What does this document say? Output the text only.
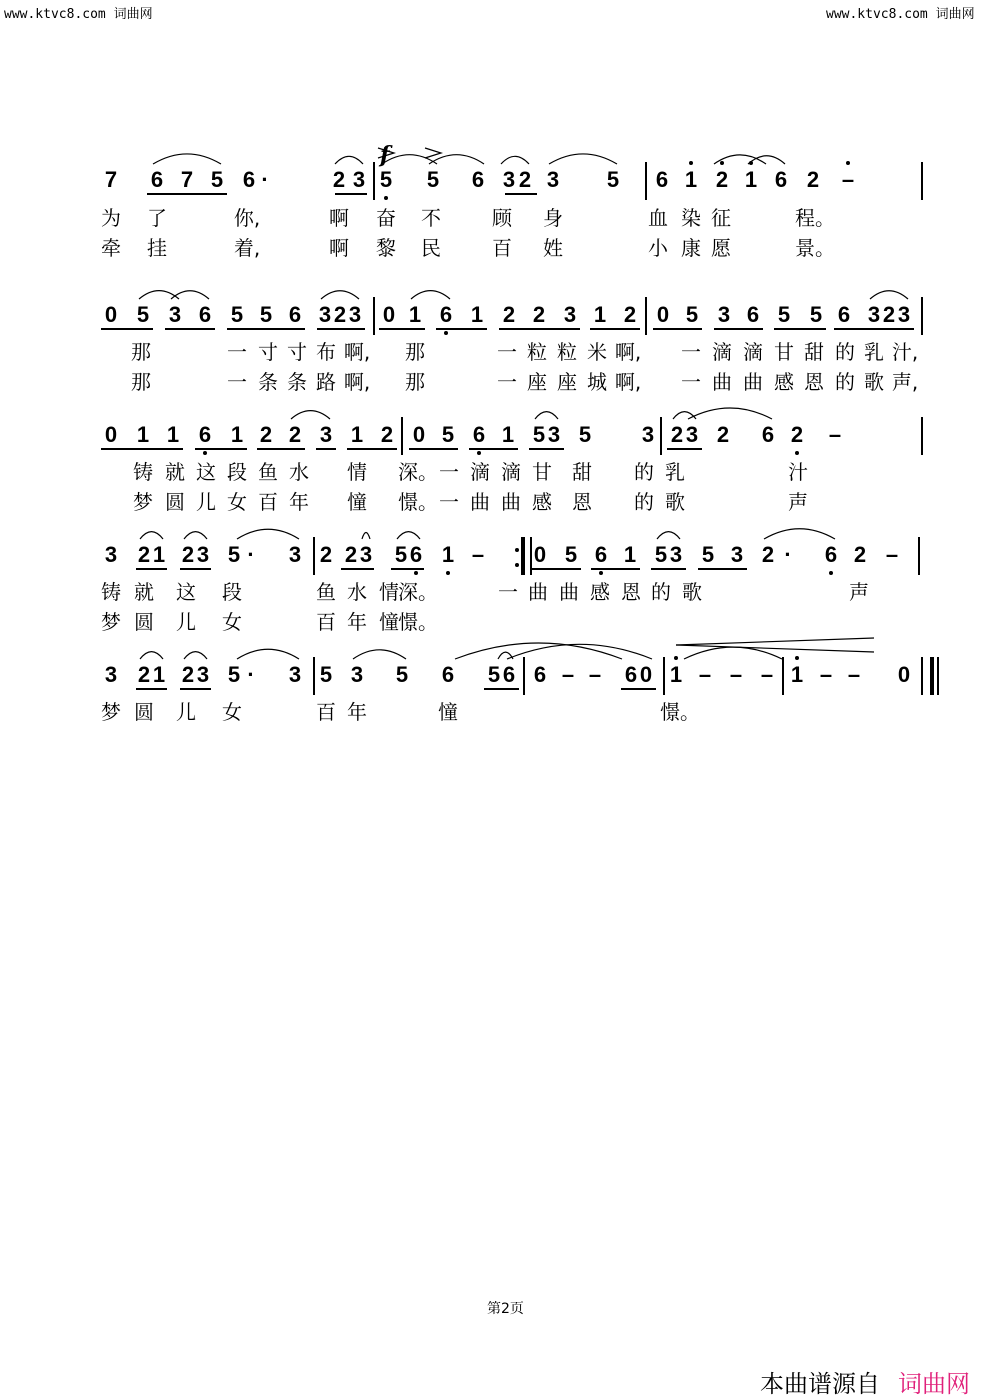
www.ktvc8.com 词曲网	www.ktvc8.com 词曲网
f
7 6 7 5 6 ·	2 3 5 5 6 3 2 3 5 6 1 2 1 6 2 –
为 了	你,	啊 奋 不	顾 身	血 染 征	程。
牵 挂	着,	啊 黎 民	百 姓	小 康 愿	景。
0 5 3 6 5 5 6 3 2 3 0 1 6 1 2 2 3 1 2 0 5 3 6 5 5 6 3 2 3
那	一 寸 寸 布 啊, 那	一 粒 粒 米 啊, 一 滴 滴 甘 甜 的 乳 汁,
那	一 条 条 路 啊, 那	一 座 座 城 啊, 一 曲 曲 感 恩 的 歌 声,
0 1 1 6 1 2 2 3 1 2 0 5 6 1 5 3 5 3 2 3 2 6 2 –
铸 就 这 段 鱼 水 情 深。 一 滴 滴 甘 甜 的 乳	汁
梦 圆 儿 女 百 年 憧 憬。 一 曲 曲 感 恩 的 歌	声
3 2 1 2 3 5 · 3 2 2 3 5 6 1 – 0 5 6 1 5 3 5 3 2 · 6 2 –
铸 就 这 段	鱼 水 情 深。	一 曲 曲 感 恩 的 歌	声
梦 圆 儿 女	百 年 憧 憬。
3 2 1 2 3 5 · 3 5 3 5 6 5 6 6 – – 6 0 1 – – – 1 – – 0
梦 圆 儿 女	百 年	憧	憬。
第2页
本曲谱源自 词曲网
